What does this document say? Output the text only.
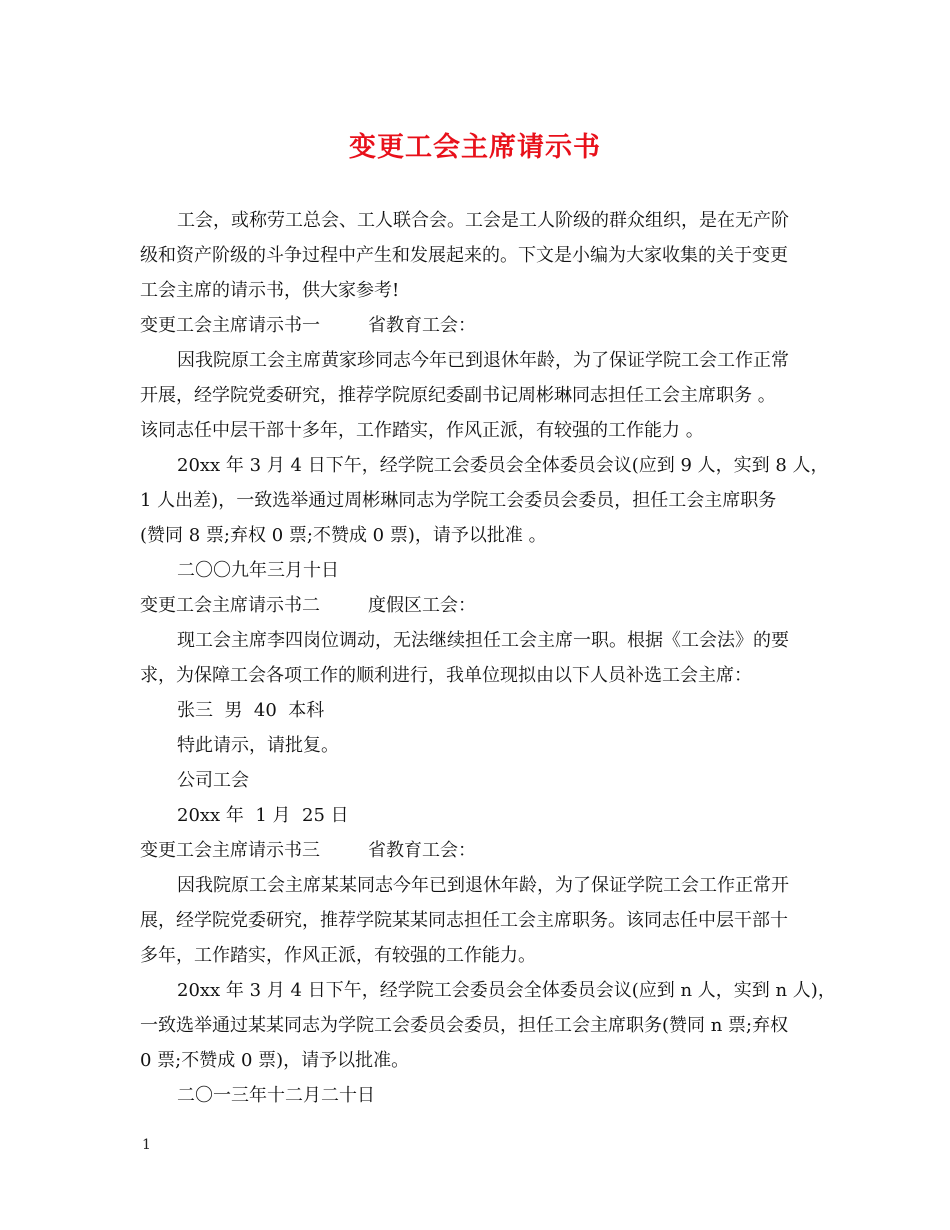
变更工会主席请示书

工会，或称劳工总会、工人联合会。工会是工人阶级的群众组织，是在无产阶

级和资产阶级的斗争过程中产生和发展起来的。下文是小编为大家收集的关于变更

工会主席的请示书，供大家参考!

变更工会主席请示书一	省教育工会：

因我院原工会主席黄家珍同志今年已到退休年龄，为了保证学院工会工作正常

开展，经学院党委研究，推荐学院原纪委副书记周彬琳同志担任工会主席职务 。

该同志任中层干部十多年，工作踏实，作风正派，有较强的工作能力 。

20xx 年 3 月 4 日下午，经学院工会委员会全体委员会议(应到 9 人，实到 8 人，

1 人出差)，一致选举通过周彬琳同志为学院工会委员会委员，担任工会主席职务

(赞同 8 票;弃权 0 票;不赞成 0 票)，请予以批准 。

二〇〇九年三月十日

变更工会主席请示书二	度假区工会：

现工会主席李四岗位调动，无法继续担任工会主席一职。根据《工会法》的要

求，为保障工会各项工作的顺利进行，我单位现拟由以下人员补选工会主席：

张三  男  40  本科

特此请示，请批复。

公司工会

20xx 年  1 月  25 日

变更工会主席请示书三	省教育工会：

因我院原工会主席某某同志今年已到退休年龄，为了保证学院工会工作正常开

展，经学院党委研究，推荐学院某某同志担任工会主席职务。该同志任中层干部十

多年，工作踏实，作风正派，有较强的工作能力。

20xx 年 3 月 4 日下午，经学院工会委员会全体委员会议(应到 n 人，实到 n 人)，

一致选举通过某某同志为学院工会委员会委员，担任工会主席职务(赞同 n 票;弃权

0 票;不赞成 0 票)，请予以批准。

二〇一三年十二月二十日

1
